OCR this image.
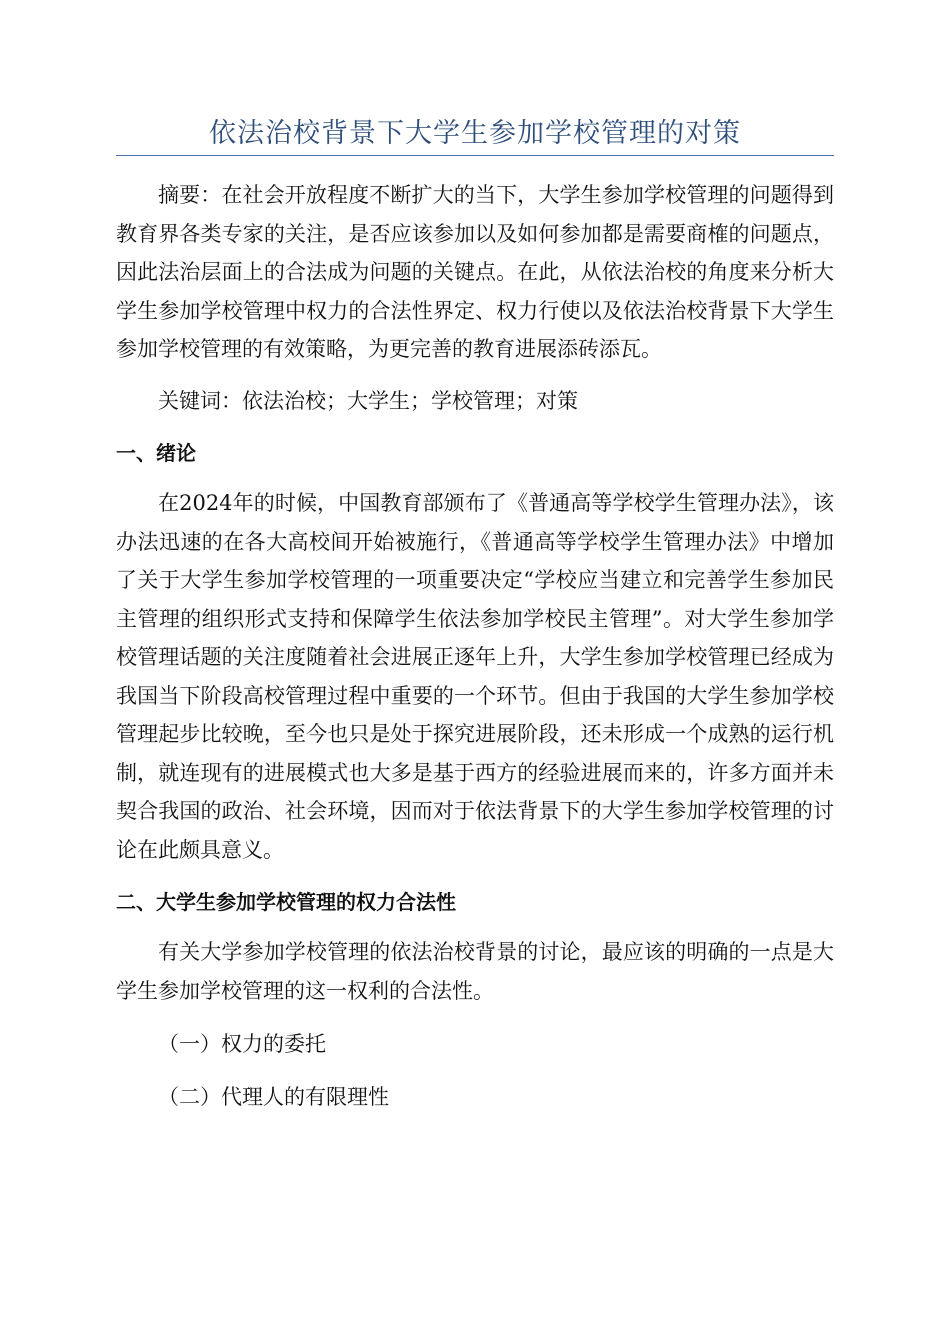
依法治校背景下大学生参加学校管理的对策

摘要：在社会开放程度不断扩大的当下，大学生参加学校管理的问题得到教育界各类专家的关注，是否应该参加以及如何参加都是需要商榷的问题点，因此法治层面上的合法成为问题的关键点。在此，从依法治校的角度来分析大学生参加学校管理中权力的合法性界定、权力行使以及依法治校背景下大学生参加学校管理的有效策略，为更完善的教育进展添砖添瓦。

关键词：依法治校；大学生；学校管理；对策

一、绪论

在2024年的时候，中国教育部颁布了《普通高等学校学生管理办法》，该办法迅速的在各大高校间开始被施行，《普通高等学校学生管理办法》中增加了关于大学生参加学校管理的一项重要决定“学校应当建立和完善学生参加民主管理的组织形式支持和保障学生依法参加学校民主管理”。对大学生参加学校管理话题的关注度随着社会进展正逐年上升，大学生参加学校管理已经成为我国当下阶段高校管理过程中重要的一个环节。但由于我国的大学生参加学校管理起步比较晚，至今也只是处于探究进展阶段，还未形成一个成熟的运行机制，就连现有的进展模式也大多是基于西方的经验进展而来的，许多方面并未契合我国的政治、社会环境，因而对于依法背景下的大学生参加学校管理的讨论在此颇具意义。

二、大学生参加学校管理的权力合法性

有关大学参加学校管理的依法治校背景的讨论，最应该的明确的一点是大学生参加学校管理的这一权利的合法性。

（一）权力的委托

（二）代理人的有限理性
